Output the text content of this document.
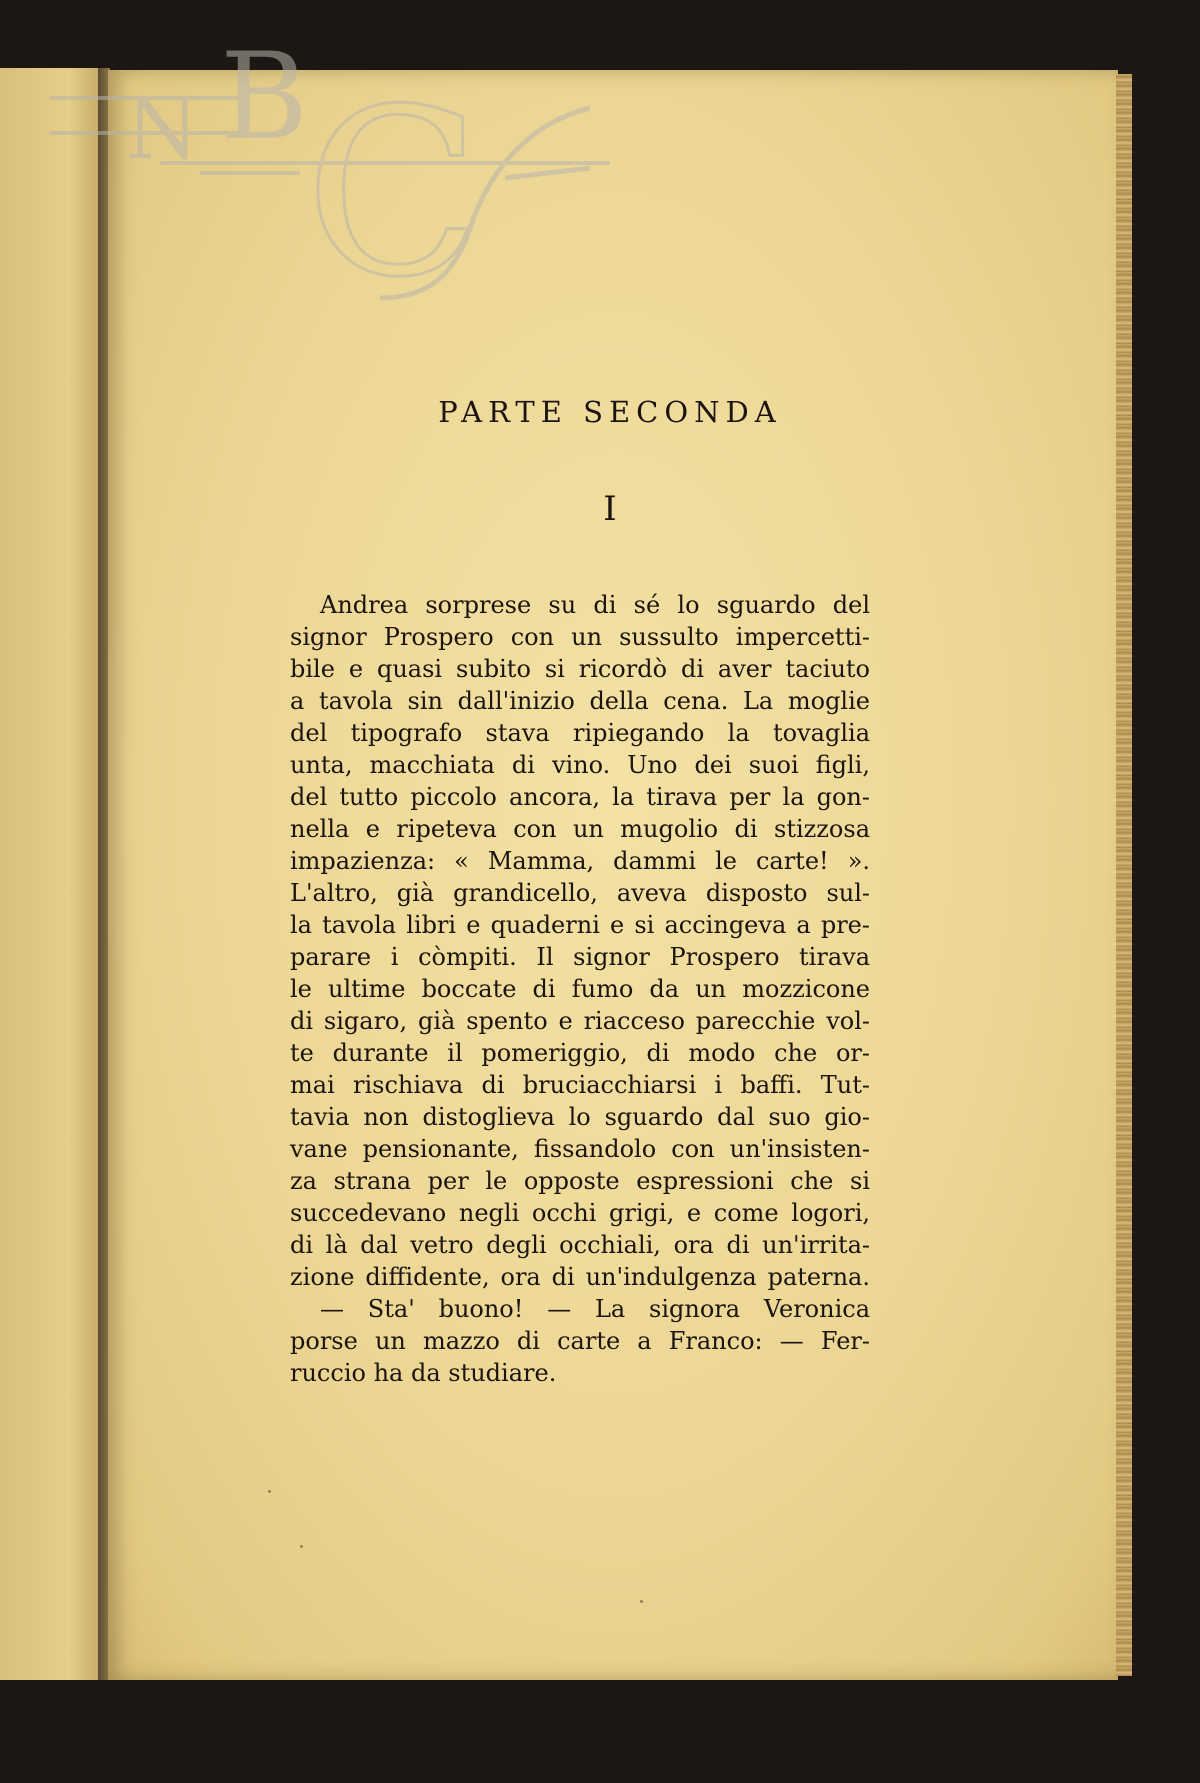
N B
C
PARTE SECONDA
I

Andrea sorprese su di sé lo sguardo del
signor Prospero con un sussulto impercetti-
bile e quasi subito si ricordò di aver taciuto
a tavola sin dall'inizio della cena. La moglie
del tipografo stava ripiegando la tovaglia
unta, macchiata di vino. Uno dei suoi figli,
del tutto piccolo ancora, la tirava per la gon-
nella e ripeteva con un mugolio di stizzosa
impazienza: « Mamma, dammi le carte! ».
L'altro, già grandicello, aveva disposto sul-
la tavola libri e quaderni e si accingeva a pre-
parare i còmpiti. Il signor Prospero tirava
le ultime boccate di fumo da un mozzicone
di sigaro, già spento e riacceso parecchie vol-
te durante il pomeriggio, di modo che or-
mai rischiava di bruciacchiarsi i baffi. Tut-
tavia non distoglieva lo sguardo dal suo gio-
vane pensionante, fissandolo con un'insisten-
za strana per le opposte espressioni che si
succedevano negli occhi grigi, e come logori,
di là dal vetro degli occhiali, ora di un'irrita-
zione diffidente, ora di un'indulgenza paterna.

— Sta' buono! — La signora Veronica
porse un mazzo di carte a Franco: — Fer-
ruccio ha da studiare.
